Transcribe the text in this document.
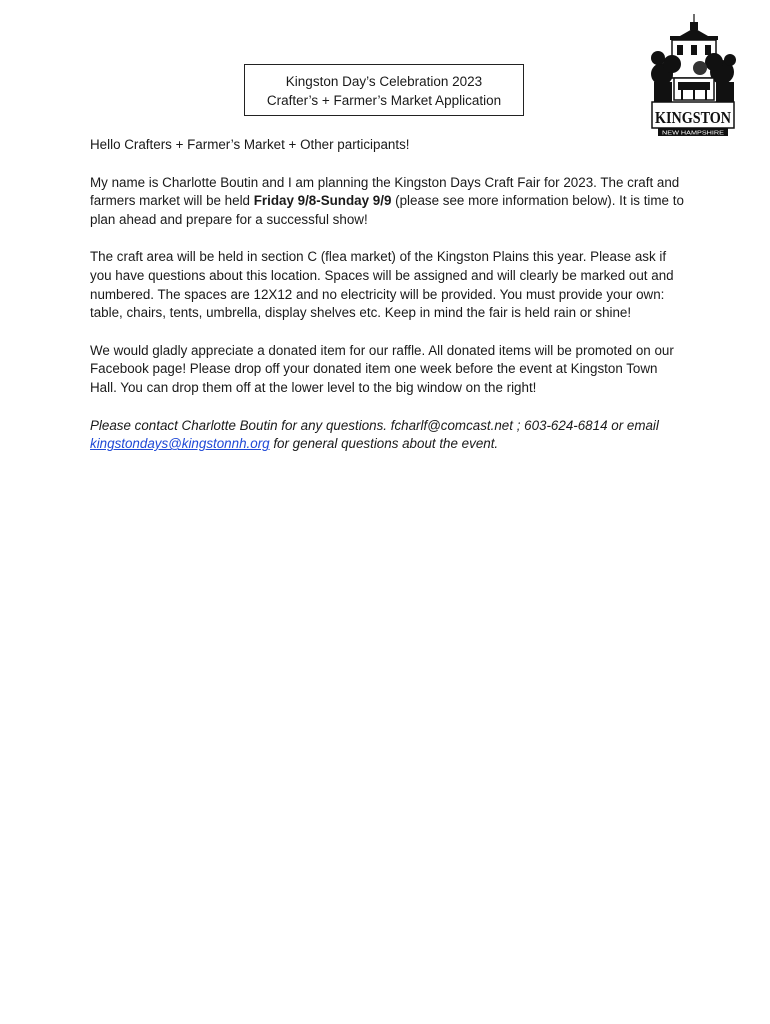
Kingston Day’s Celebration 2023
Crafter’s + Farmer’s Market Application
KINGSTON
NEW HAMPSHIRE

Hello Crafters + Farmer’s Market + Other participants!

My name is Charlotte Boutin and I am planning the Kingston Days Craft Fair for 2023. The craft and farmers market will be held Friday 9/8-Sunday 9/9 (please see more information below). It is time to plan ahead and prepare for a successful show!

The craft area will be held in section C (flea market) of the Kingston Plains this year. Please ask if you have questions about this location. Spaces will be assigned and will clearly be marked out and numbered. The spaces are 12X12 and no electricity will be provided. You must provide your own: table, chairs, tents, umbrella, display shelves etc. Keep in mind the fair is held rain or shine!

We would gladly appreciate a donated item for our raffle. All donated items will be promoted on our Facebook page! Please drop off your donated item one week before the event at Kingston Town Hall. You can drop them off at the lower level to the big window on the right!

Please contact Charlotte Boutin for any questions. fcharlf@comcast.net ; 603-624-6814 or email kingstondays@kingstonnh.org for general questions about the event.
